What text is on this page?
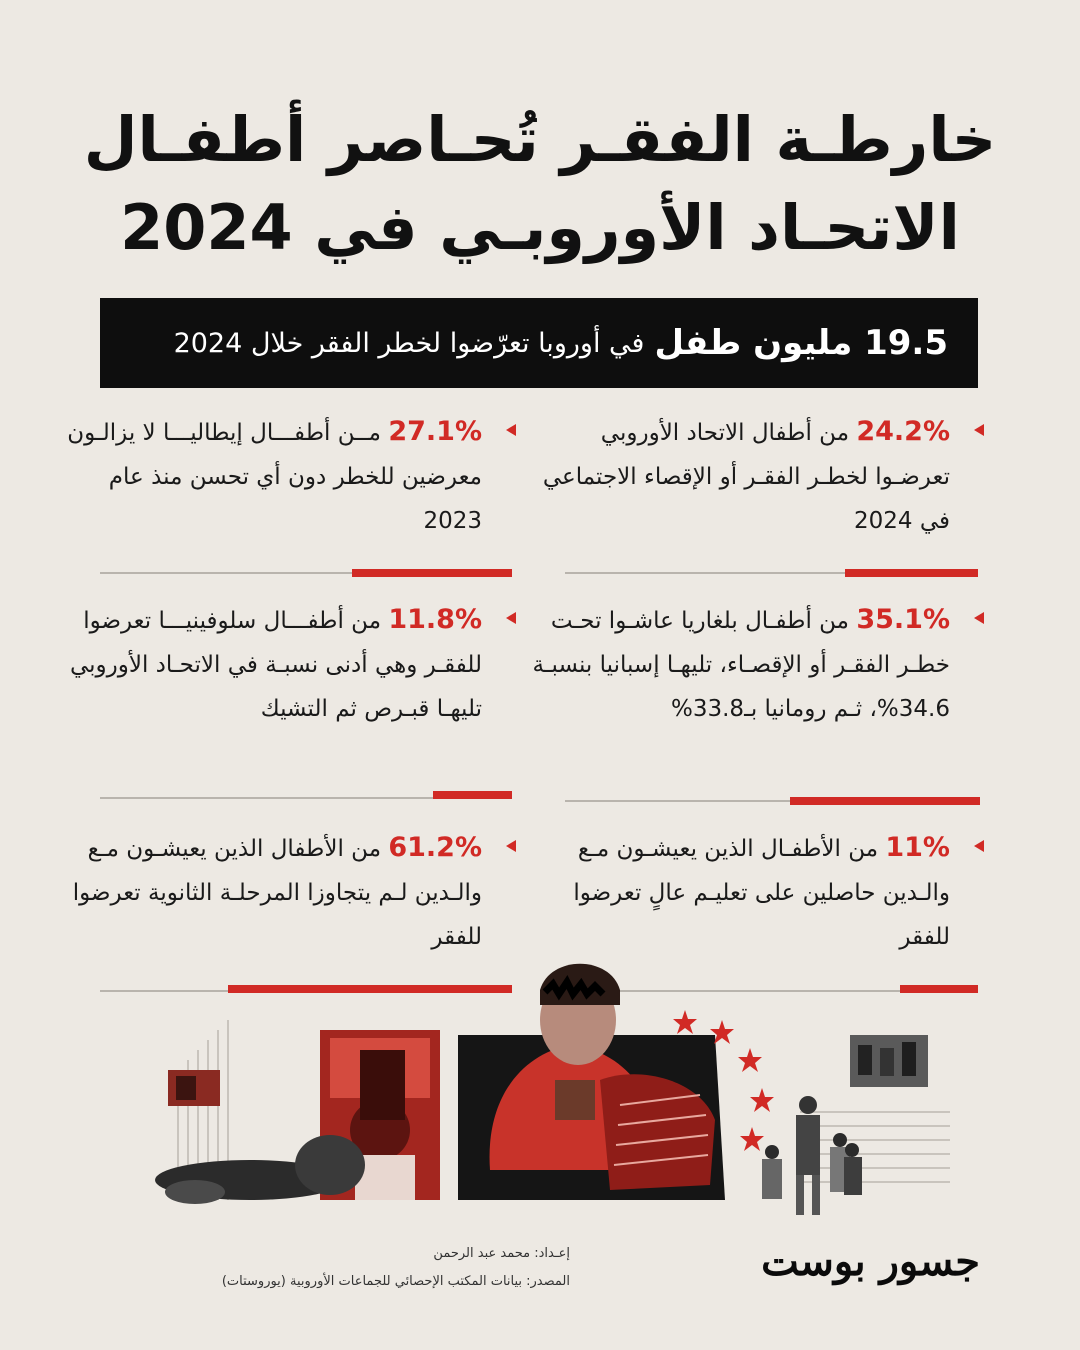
خارطـة الفقـر تُحـاصر أطفـال
الاتحـاد الأوروبـي في 2024
19.5 مليون طفل
في أوروبا تعرّضوا لخطر الفقر خلال 2024
24.2% من أطفال الاتحاد الأوروبي تعرضـوا لخطـر الفقـر أو الإقصاء الاجتماعي في 2024
35.1% من أطفـال بلغاريا عاشـوا تحـت خطـر الفقـر أو الإقصـاء، تليهـا إسبانيا بنسبـة 34.6%، ثـم رومانيا بـ33.8%
11% من الأطفـال الذين يعيشـون مـع والـدين حاصلين على تعليـم عالٍ تعرضوا للفقر
27.1% مــن أطفـــال إيطاليـــا لا يزالـون معرضين للخطر دون أي تحسن منذ عام 2023
11.8% من أطفـــال سلوفينيـــا تعرضوا للفقـر وهي أدنى نسبـة في الاتحـاد الأوروبي تليهـا قبـرص ثم التشيك
61.2% من الأطفال الذين يعيشـون مـع والـدين لـم يتجاوزا المرحلـة الثانوية تعرضوا للفقر
إعـداد: محمد عبد الرحمن
المصدر: بيانات المكتب الإحصائي للجماعات الأوروبية (يوروستات)	جسور بوست
